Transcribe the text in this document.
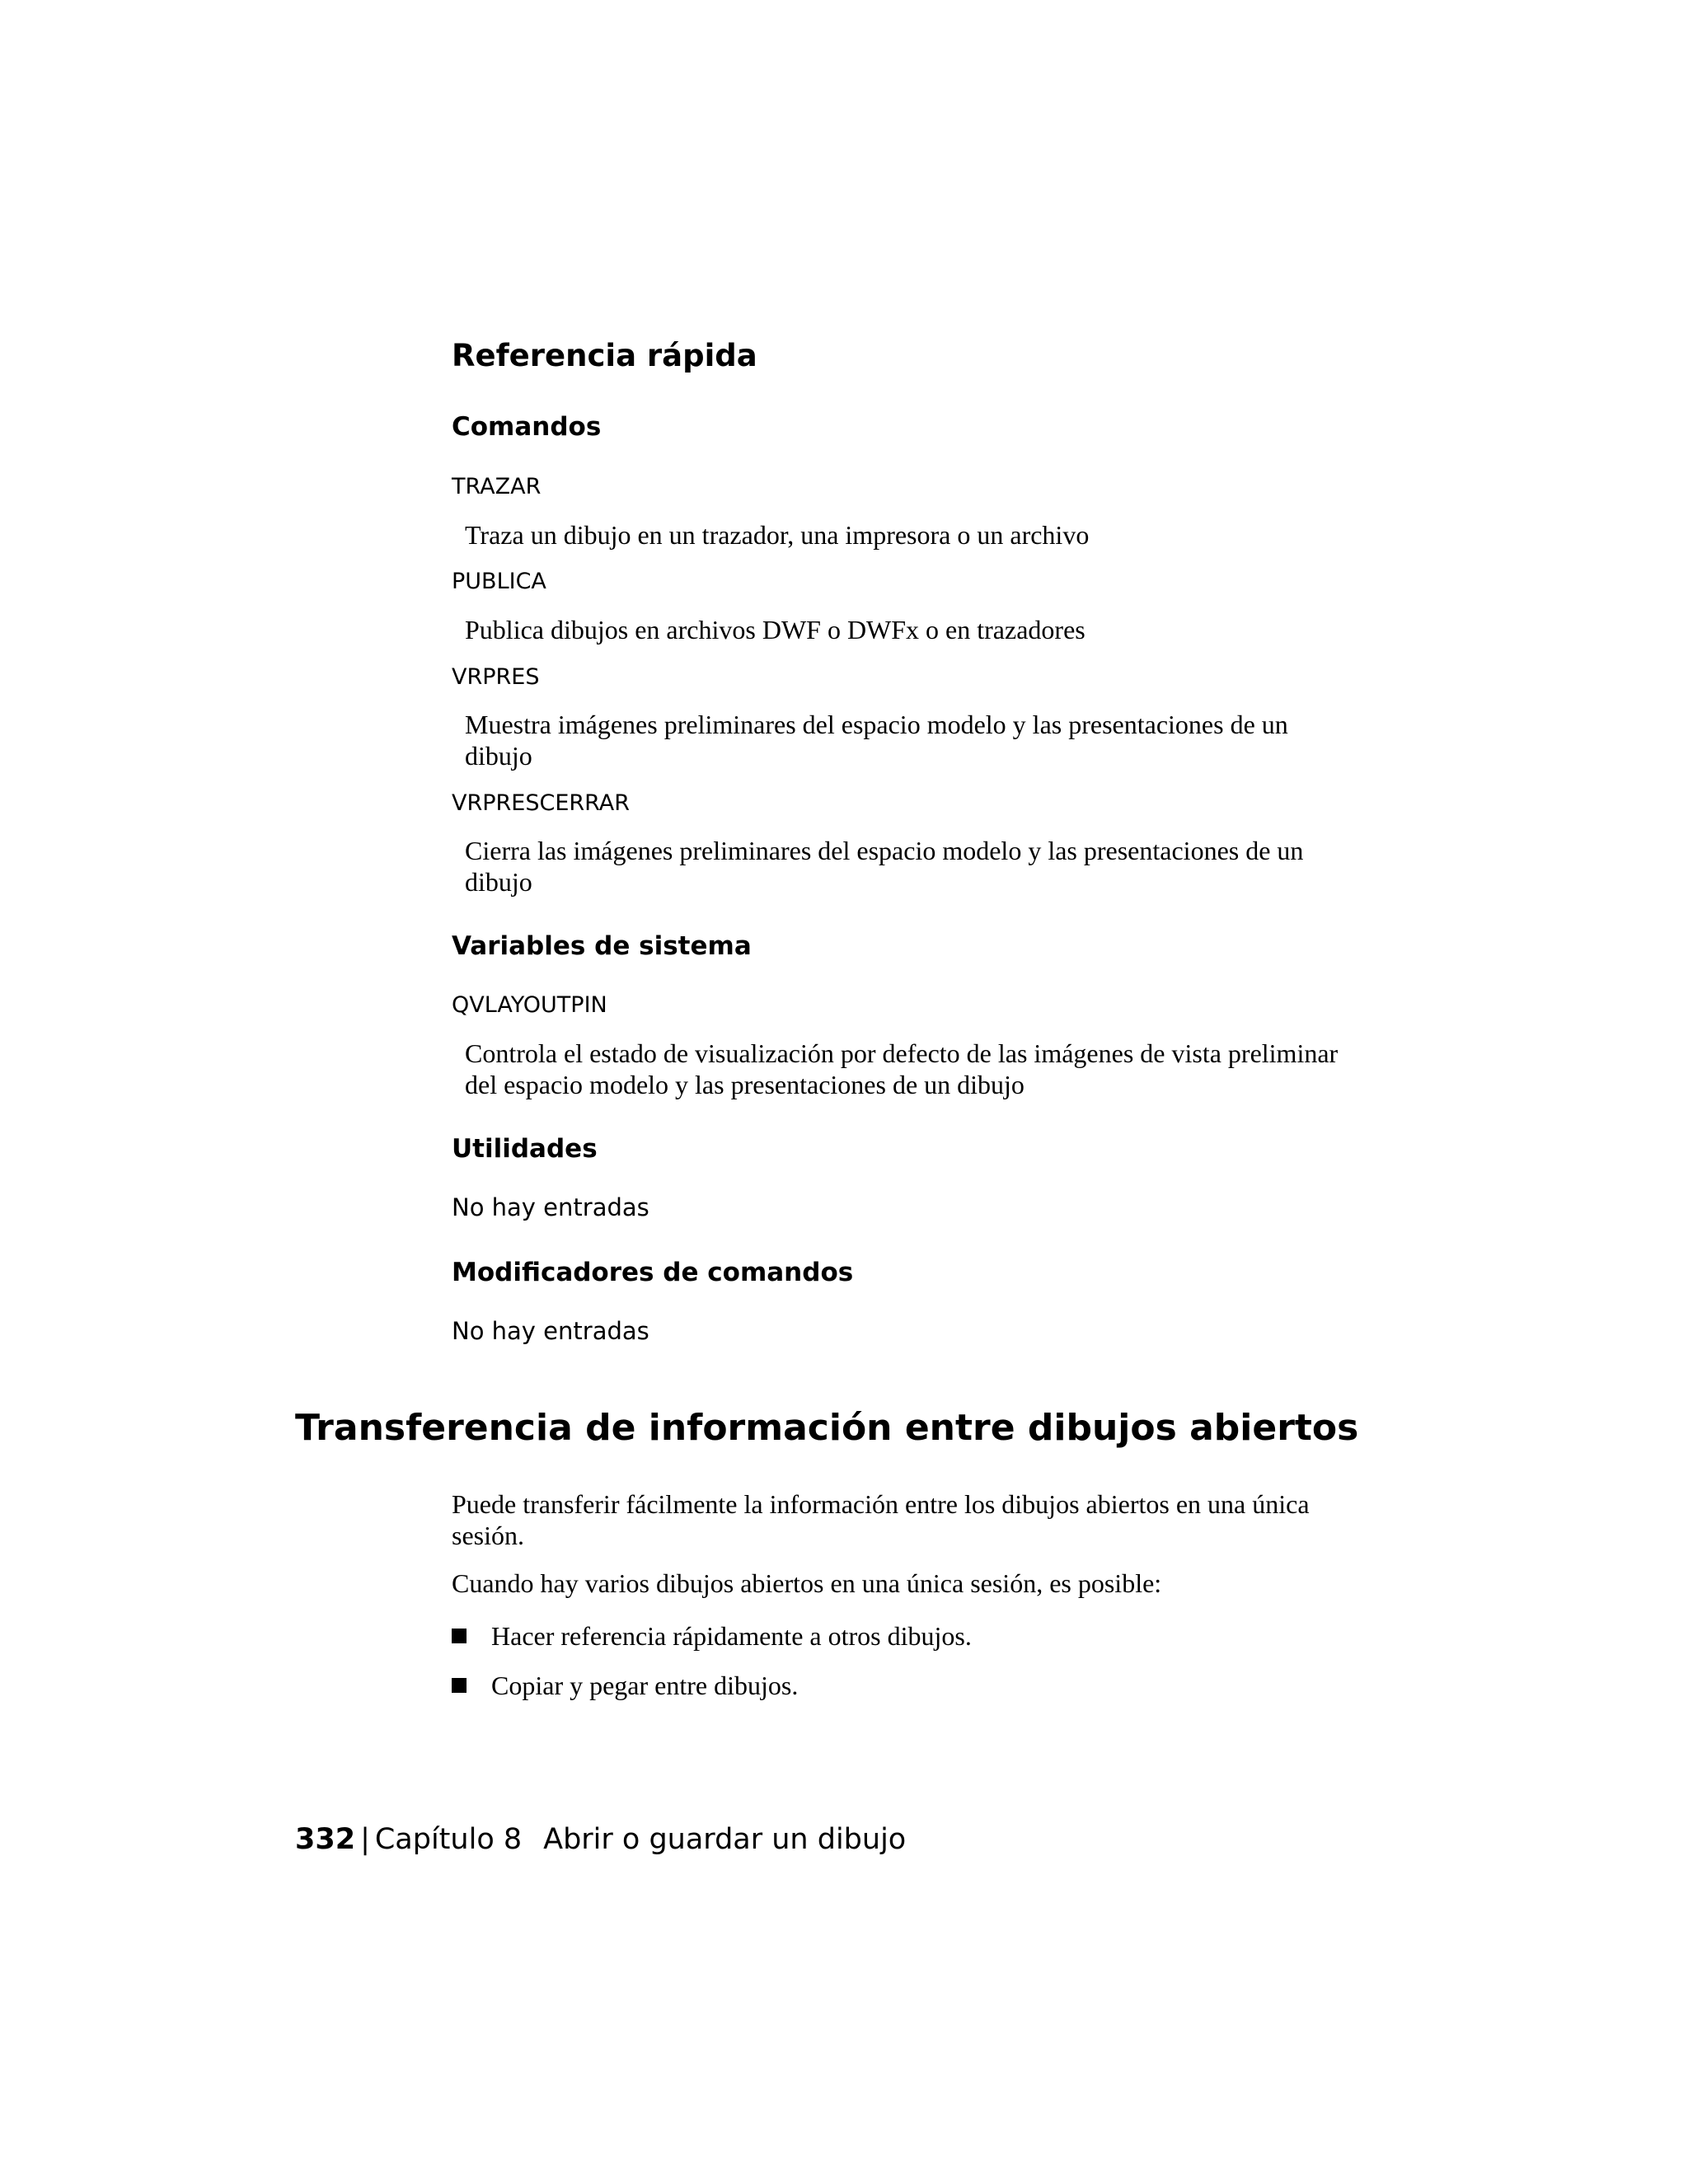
Referencia rápida
Comandos

TRAZAR

Traza un dibujo en un trazador, una impresora o un archivo

PUBLICA

Publica dibujos en archivos DWF o DWFx o en trazadores

VRPRES

Muestra imágenes preliminares del espacio modelo y las presentaciones de un dibujo

VRPRESCERRAR

Cierra las imágenes preliminares del espacio modelo y las presentaciones de un dibujo

Variables de sistema

QVLAYOUTPIN

Controla el estado de visualización por defecto de las imágenes de vista preliminar del espacio modelo y las presentaciones de un dibujo

Utilidades

No hay entradas

Modificadores de comandos

No hay entradas

Transferencia de información entre dibujos abiertos

Puede transferir fácilmente la información entre los dibujos abiertos en una única sesión.

Cuando hay varios dibujos abiertos en una única sesión, es posible:

Hacer referencia rápidamente a otros dibujos.

Copiar y pegar entre dibujos.

332 | Capítulo 8 Abrir o guardar un dibujo
